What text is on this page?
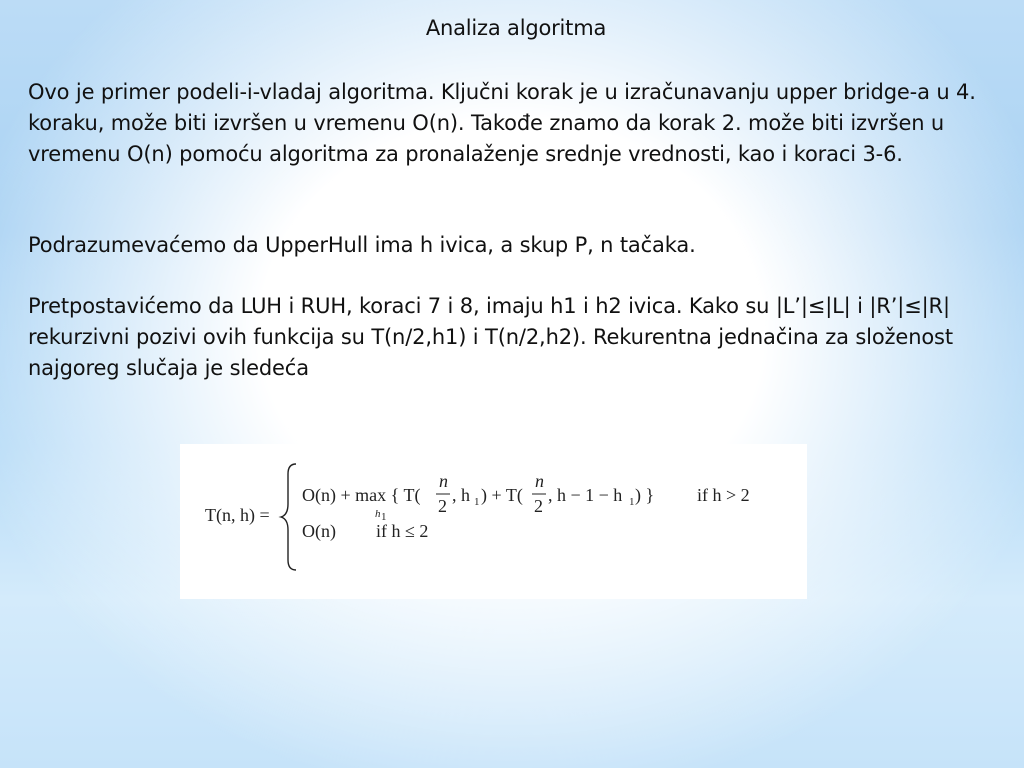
Analiza algoritma

Ovo je primer podeli-i-vladaj algoritma. Ključni korak je u izračunavanju upper bridge-a u 4. koraku, može biti izvršen u vremenu O(n). Takođe znamo da korak 2. može biti izvršen u vremenu O(n) pomoću algoritma za pronalaženje srednje vrednosti, kao i koraci 3-6.

Podrazumevaćemo da UpperHull ima h ivica, a skup P, n tačaka.

Pretpostavićemo da LUH i RUH, koraci 7 i 8, imaju h1 i h2 ivica. Kako su |L’|≤|L| i |R’|≤|R| rekurzivni pozivi ovih funkcija su T(n/2,h1) i T(n/2,h2). Rekurentna jednačina za složenost najgoreg slučaja je sledeća

T(n, h) =
O(n) + max { T(
h 1
n
2
, h 1 ) + T(
n
2
, h − 1 − h 1 ) } if h > 2
O(n) if h ≤ 2
